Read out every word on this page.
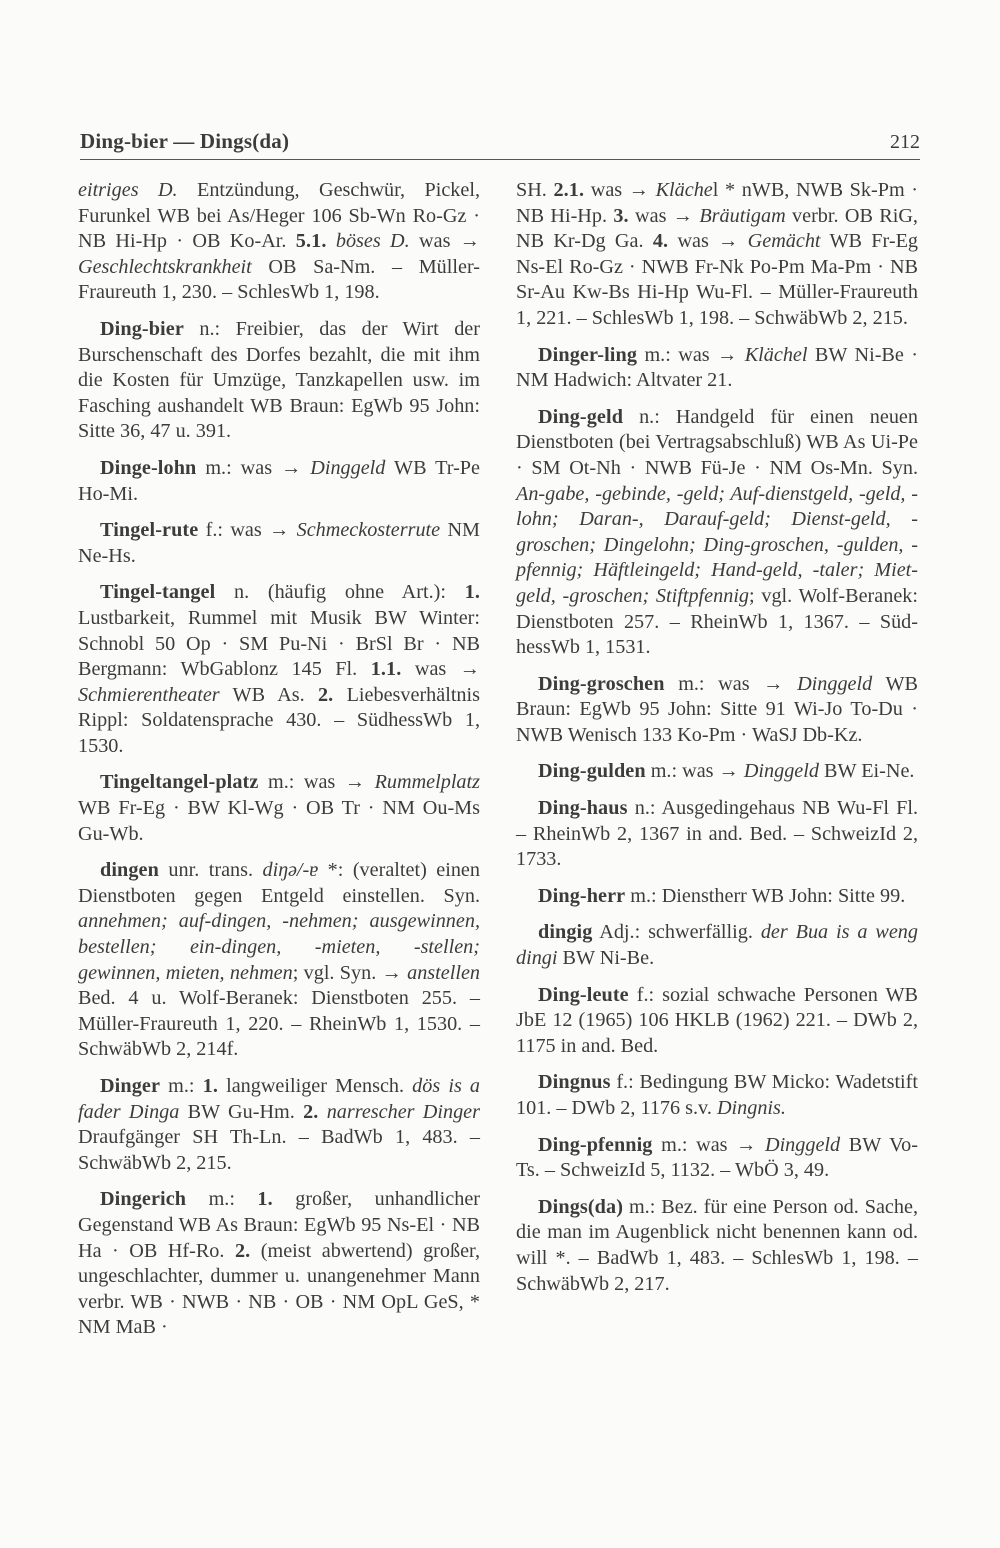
Ding-bier — Dings(da)	212

eitriges D. Entzündung, Geschwür, Pickel, Furunkel WB bei As/Heger 106 Sb-Wn Ro-Gz · NB Hi-Hp · OB Ko-Ar. 5.1. böses D. was → Geschlechtskrankheit OB Sa-Nm. – Müller-Fraureuth 1, 230. – SchlesWb 1, 198.

Ding-bier n.: Freibier, das der Wirt der Burschenschaft des Dorfes bezahlt, die mit ihm die Kosten für Umzüge, Tanzkapellen usw. im Fasching aushandelt WB Braun: EgWb 95 John: Sitte 36, 47 u. 391.

Dinge-lohn m.: was → Dinggeld WB Tr-Pe Ho-Mi.

Tingel-rute f.: was → Schmeckosterrute NM Ne-Hs.

Tingel-tangel n. (häufig ohne Art.): 1. Lustbarkeit, Rummel mit Musik BW Winter: Schnobl 50 Op · SM Pu-Ni · BrSl Br · NB Bergmann: WbGablonz 145 Fl. 1.1. was → Schmierentheater WB As. 2. Liebesverhältnis Rippl: Soldatensprache 430. – SüdhessWb 1, 1530.

Tingeltangel-platz m.: was → Rummelplatz WB Fr-Eg · BW Kl-Wg · OB Tr · NM Ou-Ms Gu-Wb.

dingen unr. trans. diŋə/-ɐ *: (veraltet) einen Dienstboten gegen Entgeld einstellen. Syn. annehmen; auf-dingen, -nehmen; ausgewinnen, bestellen; ein-dingen, -mieten, -stellen; gewinnen, mieten, nehmen; vgl. Syn. → anstellen Bed. 4 u. Wolf-Beranek: Dienstboten 255. – Müller-Fraureuth 1, 220. – RheinWb 1, 1530. – SchwäbWb 2, 214f.

Dinger m.: 1. langweiliger Mensch. dös is a fader Dinga BW Gu-Hm. 2. narrescher Dinger Draufgänger SH Th-Ln. – BadWb 1, 483. – SchwäbWb 2, 215.

Dingerich m.: 1. großer, unhandlicher Gegenstand WB As Braun: EgWb 95 Ns-El · NB Ha · OB Hf-Ro. 2. (meist abwertend) großer, ungeschlachter, dummer u. unangenehmer Mann verbr. WB · NWB · NB · OB · NM OpL GeS, * NM MaB ·

SH. 2.1. was → Klächel * nWB, NWB Sk-Pm · NB Hi-Hp. 3. was → Bräutigam verbr. OB RiG, NB Kr-Dg Ga. 4. was → Gemächt WB Fr-Eg Ns-El Ro-Gz · NWB Fr-Nk Po-Pm Ma-Pm · NB Sr-Au Kw-Bs Hi-Hp Wu-Fl. – Müller-Fraureuth 1, 221. – SchlesWb 1, 198. – SchwäbWb 2, 215.

Dinger-ling m.: was → Klächel BW Ni-Be · NM Hadwich: Altvater 21.

Ding-geld n.: Handgeld für einen neuen Dienstboten (bei Vertragsabschluß) WB As Ui-Pe · SM Ot-Nh · NWB Fü-Je · NM Os-Mn. Syn. An-gabe, -gebinde, -geld; Auf-dienstgeld, -geld, -lohn; Daran-, Darauf-geld; Dienst-geld, -groschen; Dingelohn; Ding-groschen, -gulden, -pfennig; Häftleingeld; Hand-geld, -taler; Miet-geld, -groschen; Stiftpfennig; vgl. Wolf-Beranek: Dienstboten 257. – RheinWb 1, 1367. – SüdhessWb 1, 1531.

Ding-groschen m.: was → Dinggeld WB Braun: EgWb 95 John: Sitte 91 Wi-Jo To-Du · NWB Wenisch 133 Ko-Pm · WaSJ Db-Kz.

Ding-gulden m.: was → Dinggeld BW Ei-Ne.

Ding-haus n.: Ausgedingehaus NB Wu-Fl Fl. – RheinWb 2, 1367 in and. Bed. – SchweizId 2, 1733.

Ding-herr m.: Dienstherr WB John: Sitte 99.

dingig Adj.: schwerfällig. der Bua is a weng dingi BW Ni-Be.

Ding-leute f.: sozial schwache Personen WB JbE 12 (1965) 106 HKLB (1962) 221. – DWb 2, 1175 in and. Bed.

Dingnus f.: Bedingung BW Micko: Wadetstift 101. – DWb 2, 1176 s.v. Dingnis.

Ding-pfennig m.: was → Dinggeld BW Vo-Ts. – SchweizId 5, 1132. – WbÖ 3, 49.

Dings(da) m.: Bez. für eine Person od. Sache, die man im Augenblick nicht benennen kann od. will *. – BadWb 1, 483. – SchlesWb 1, 198. – SchwäbWb 2, 217.
